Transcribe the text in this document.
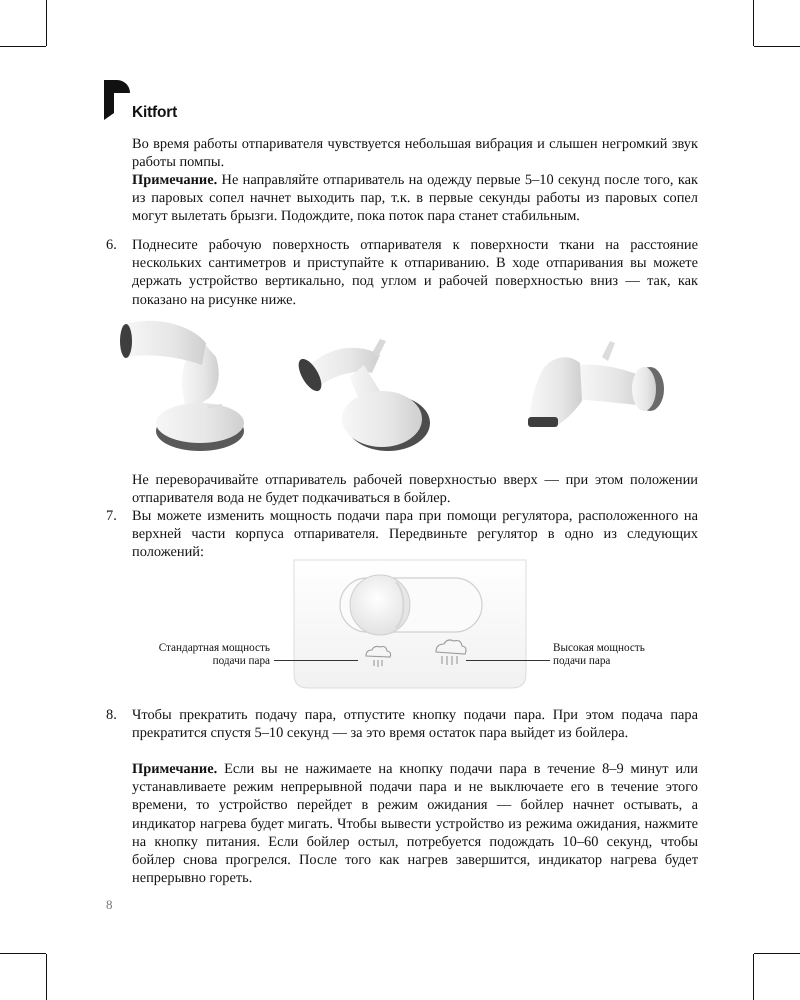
Kitfort
Во время работы отпаривателя чувствуется небольшая вибрация и слышен негромкий звук работы помпы.
Примечание. Не направляйте отпариватель на одежду первые 5–10 секунд после того, как из паровых сопел начнет выходить пар, т.к. в первые секунды работы из паровых сопел могут вылетать брызги. Подождите, пока поток пара станет стабильным.
6. Поднесите рабочую поверхность отпаривателя к поверхности ткани на расстояние нескольких сантиметров и приступайте к отпариванию. В ходе отпаривания вы можете держать устройство вертикально, под углом и рабочей поверхностью вниз — так, как показано на рисунке ниже.
Не переворачивайте отпариватель рабочей поверхностью вверх — при этом положении отпаривателя вода не будет подкачиваться в бойлер.
7. Вы можете изменить мощность подачи пара при помощи регулятора, расположенного на верхней части корпуса отпаривателя. Передвиньте регулятор в одно из следующих положений:
Стандартная мощность
подачи пара
Высокая мощность
подачи пара
8. Чтобы прекратить подачу пара, отпустите кнопку подачи пара. При этом подача пара прекратится спустя 5–10 секунд — за это время остаток пара выйдет из бойлера.
Примечание. Если вы не нажимаете на кнопку подачи пара в течение 8–9 минут или устанавливаете режим непрерывной подачи пара и не выключаете его в течение этого времени, то устройство перейдет в режим ожидания — бойлер начнет остывать, а индикатор нагрева будет мигать. Чтобы вывести устройство из режима ожидания, нажмите на кнопку питания. Если бойлер остыл, потребуется подождать 10–60 секунд, чтобы бойлер снова прогрелся. После того как нагрев завершится, индикатор нагрева будет непрерывно гореть.
8
